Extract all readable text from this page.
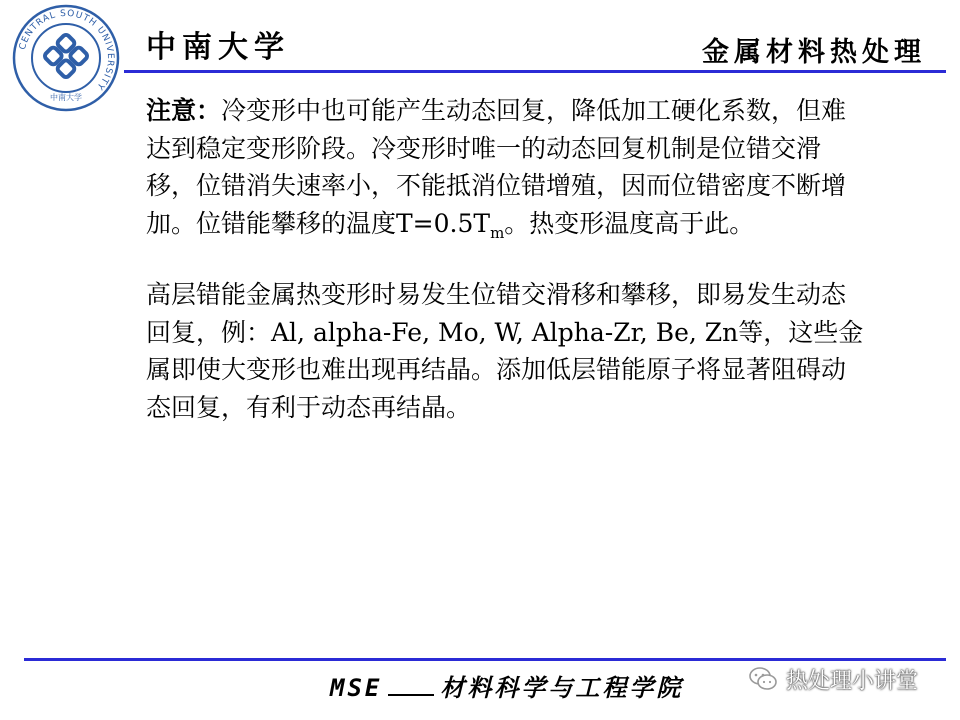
CENTRAL SOUTH UNIVERSITY
中南大学
中南大学	金属材料热处理

注意：冷变形中也可能产生动态回复，降低加工硬化系数，但难达到稳定变形阶段。冷变形时唯一的动态回复机制是位错交滑移，位错消失速率小，不能抵消位错增殖，因而位错密度不断增加。位错能攀移的温度$T=0.5T_m$。热变形温度高于此。

高层错能金属热变形时易发生位错交滑移和攀移，即易发生动态回复，例：Al, alpha-Fe, Mo, W, Alpha-Zr, Be, Zn等，这些金属即使大变形也难出现再结晶。添加低层错能原子将显著阻碍动态回复，有利于动态再结晶。

MSE 材料科学与工程学院	热处理小讲堂
